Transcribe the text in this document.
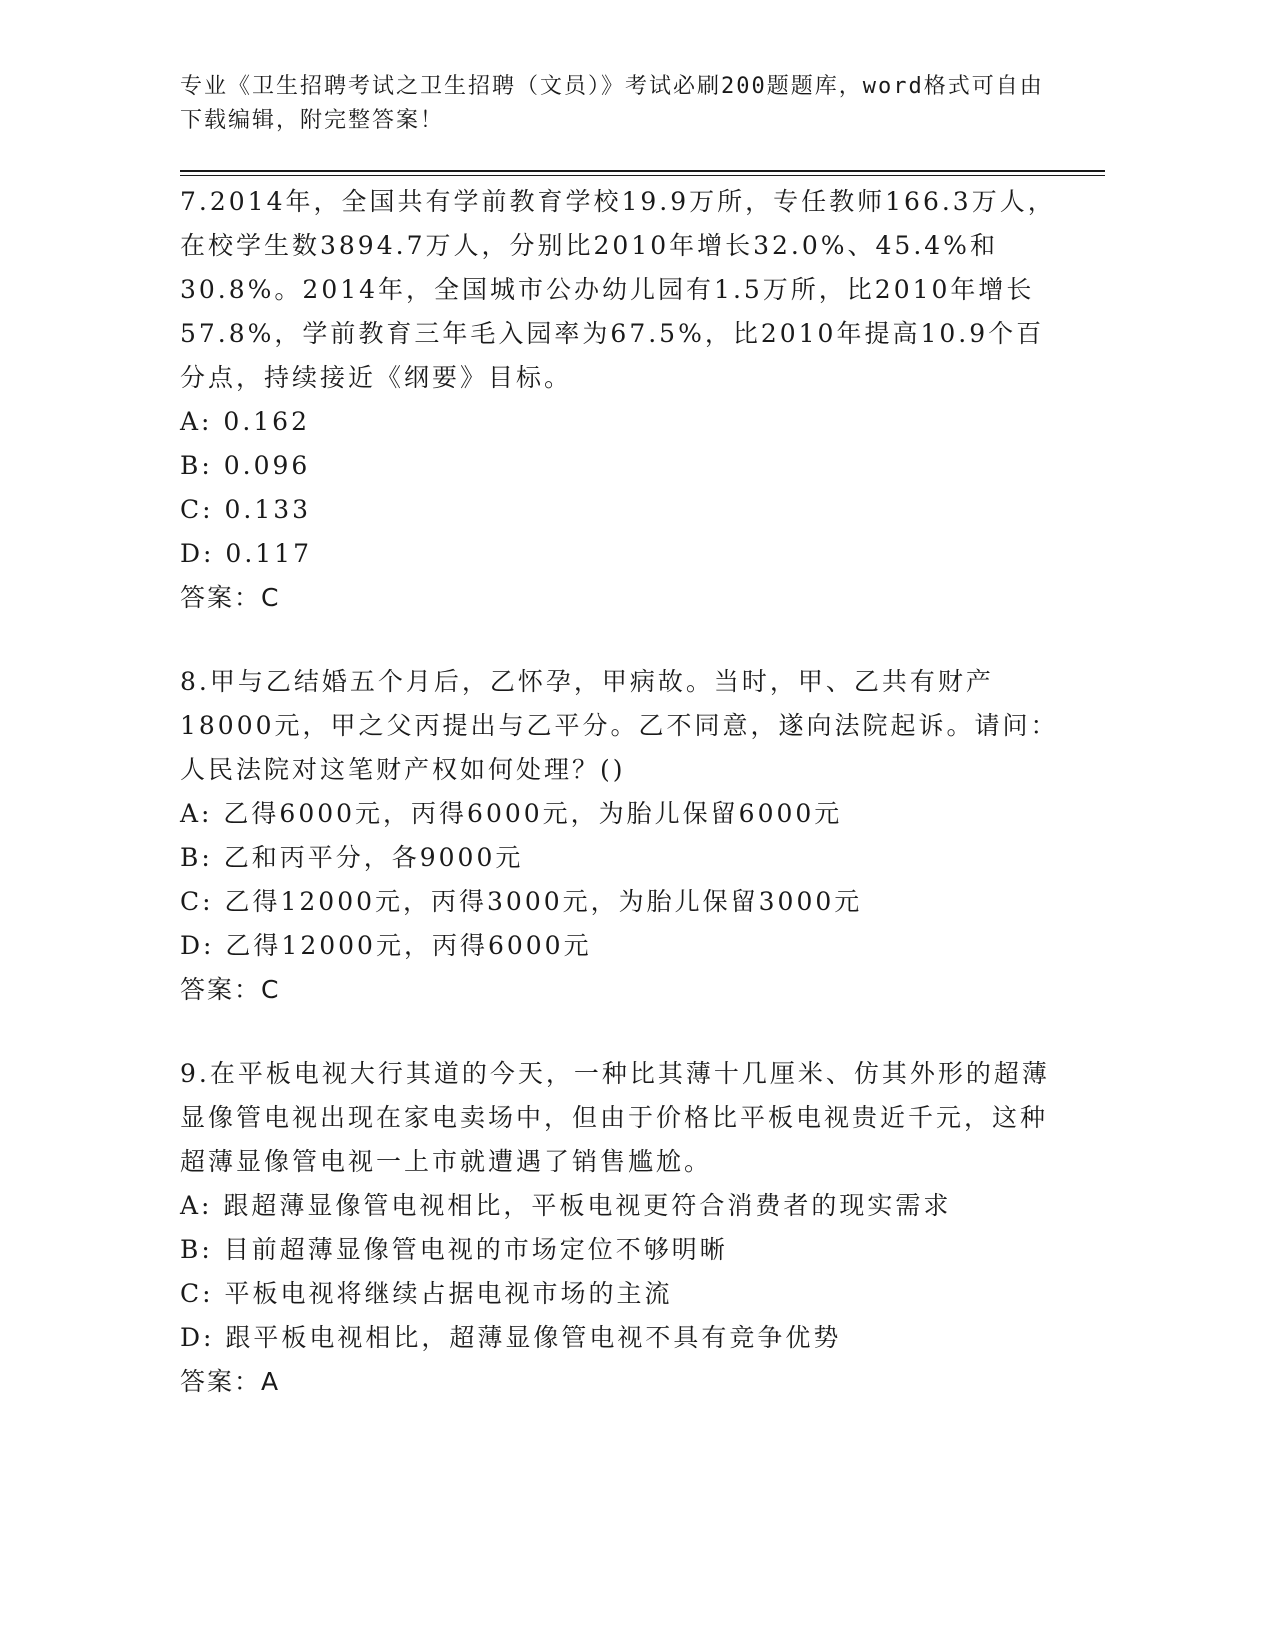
专业《卫生招聘考试之卫生招聘（文员）》考试必刷200题题库，word格式可自由下载编辑，附完整答案！

7.2014年，全国共有学前教育学校19.9万所，专任教师166.3万人，在校学生数3894.7万人，分别比2010年增长32.0%、45.4%和30.8%。2014年，全国城市公办幼儿园有1.5万所，比2010年增长57.8%，学前教育三年毛入园率为67.5%，比2010年提高10.9个百分点，持续接近《纲要》目标。

A: 0.162

B: 0.096

C: 0.133

D: 0.117

答案：C

8.甲与乙结婚五个月后，乙怀孕，甲病故。当时，甲、乙共有财产18000元，甲之父丙提出与乙平分。乙不同意，遂向法院起诉。请问：人民法院对这笔财产权如何处理？()

A: 乙得6000元，丙得6000元，为胎儿保留6000元

B: 乙和丙平分，各9000元

C: 乙得12000元，丙得3000元，为胎儿保留3000元

D: 乙得12000元，丙得6000元

答案：C

9.在平板电视大行其道的今天，一种比其薄十几厘米、仿其外形的超薄显像管电视出现在家电卖场中，但由于价格比平板电视贵近千元，这种超薄显像管电视一上市就遭遇了销售尴尬。

A: 跟超薄显像管电视相比，平板电视更符合消费者的现实需求

B: 目前超薄显像管电视的市场定位不够明晰

C: 平板电视将继续占据电视市场的主流

D: 跟平板电视相比，超薄显像管电视不具有竞争优势

答案：A
